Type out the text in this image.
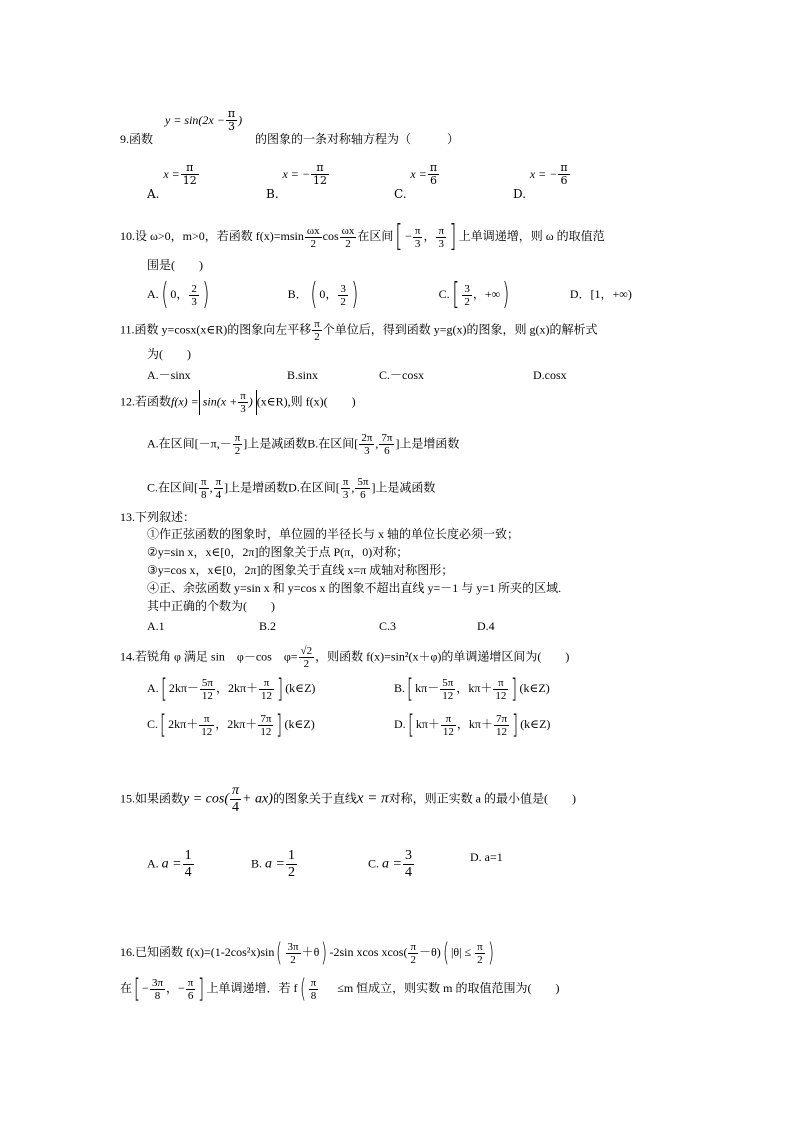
$y = \sin(2x - \frac{\pi}{3}$ )
9.函数	的图象的一条对称轴方程为（　　　）
A. $x = \frac{\pi}{12}$
B. x = − $\frac{\pi}{12}$
C. $x = \frac{\pi}{6}$
D. x = − $\frac{\pi}{6}$
10.设 ω>0，m>0，若函数 $f(x)=msin \frac{\omega x}{2}$ $\cos \frac{\omega x}{2}$ 在区间[ − $\frac{\pi}{3}$ ， $\frac{\pi}{3}$ ] 上单调递增，则 ω 的取值范
围是(　　)
A.( 0， $\frac{2}{3}$ )	B．( 0， $\frac{3}{2}$ )	$C.[ \frac{3}{2}$ ，+∞)	D．[1，+∞)
11.函数 y=cosx(x∈R)的图象向左平移 $\frac{\pi}{2}$ 个单位后，得到函数 y=g(x)的图象，则 g(x)的解析式
为(　　)
A.－sinx	B.sinx	C.－cosx	D.cosx
12.若函数$f(x) = \sin(x + \frac{\pi}{3}$ ) (x∈R),则 f(x)(　　)
A.在区间[$-\pi,- \frac{\pi}{2}$ ]上是减函数B.在区间[ $\frac{2\pi}{3}$ , $\frac{7\pi}{6}$ ]上是增函数
C.在区间[ $\frac{\pi}{8}$ , $\frac{\pi}{4}$ ]上是增函数D.在区间[ $\frac{\pi}{3}$ , $\frac{5\pi}{6}$ ]上是减函数
13.下列叙述：
①作正弦函数的图象时，单位圆的半径长与 x 轴的单位长度必须一致；
②y=sin x，x∈[0，2π]的图象关于点 P(π，0)对称；
③y=cos x，x∈[0，2π]的图象关于直线 x=π 成轴对称图形；
④正、余弦函数 y=sin x 和 y=cos x 的图象不超出直线 y=－1 与 y=1 所夹的区域.
其中正确的个数为(　　)
A.1	B.2	C.3	D.4
14.若锐角 φ 满足 sin　φ－cos　$\varphi= \frac{√2}{2}$ ，则函数 f(x)=sin²(x＋φ)的单调递增区间为(　　)
A.[ $2k\pi- \frac{5\pi}{12}$ ，$2k\pi+ \frac{\pi}{12}$ ] (k∈Z)	B.[ $k\pi- \frac{5\pi}{12}$ ，$k\pi+ \frac{\pi}{12}$ ] (k∈Z)
C.[ $2k\pi+ \frac{\pi}{12}$ ，$2k\pi+ \frac{7\pi}{12}$ ] (k∈Z)	D.[ $k\pi+ \frac{\pi}{12}$ ，$k\pi+ \frac{7\pi}{12}$ ] (k∈Z)
15.如果函数$y = \cos( \frac{\pi}{4} + ax)$的图象关于直线x = π对称，则正实数 a 的最小值是(　　)
A. $a = \frac{1}{4}$	B. $a = \frac{1}{2}$	C. $a = \frac{3}{4}$	D. a=1
16.已知函数 $f(x)=(1-2\cos^2x)\sin( \frac{3\pi}{2} +\theta)$ -2sin xcos $xcos( \frac{\pi}{2} -\theta)$( $|\theta| \le \frac{\pi}{2}$ )
在[ − $\frac{3\pi}{8}$ ，− $\frac{\pi}{6}$ ] 上单调递增．若 $f( \frac{\pi}{8} \le m$ 恒成立，则实数 m 的取值范围为(　　)
